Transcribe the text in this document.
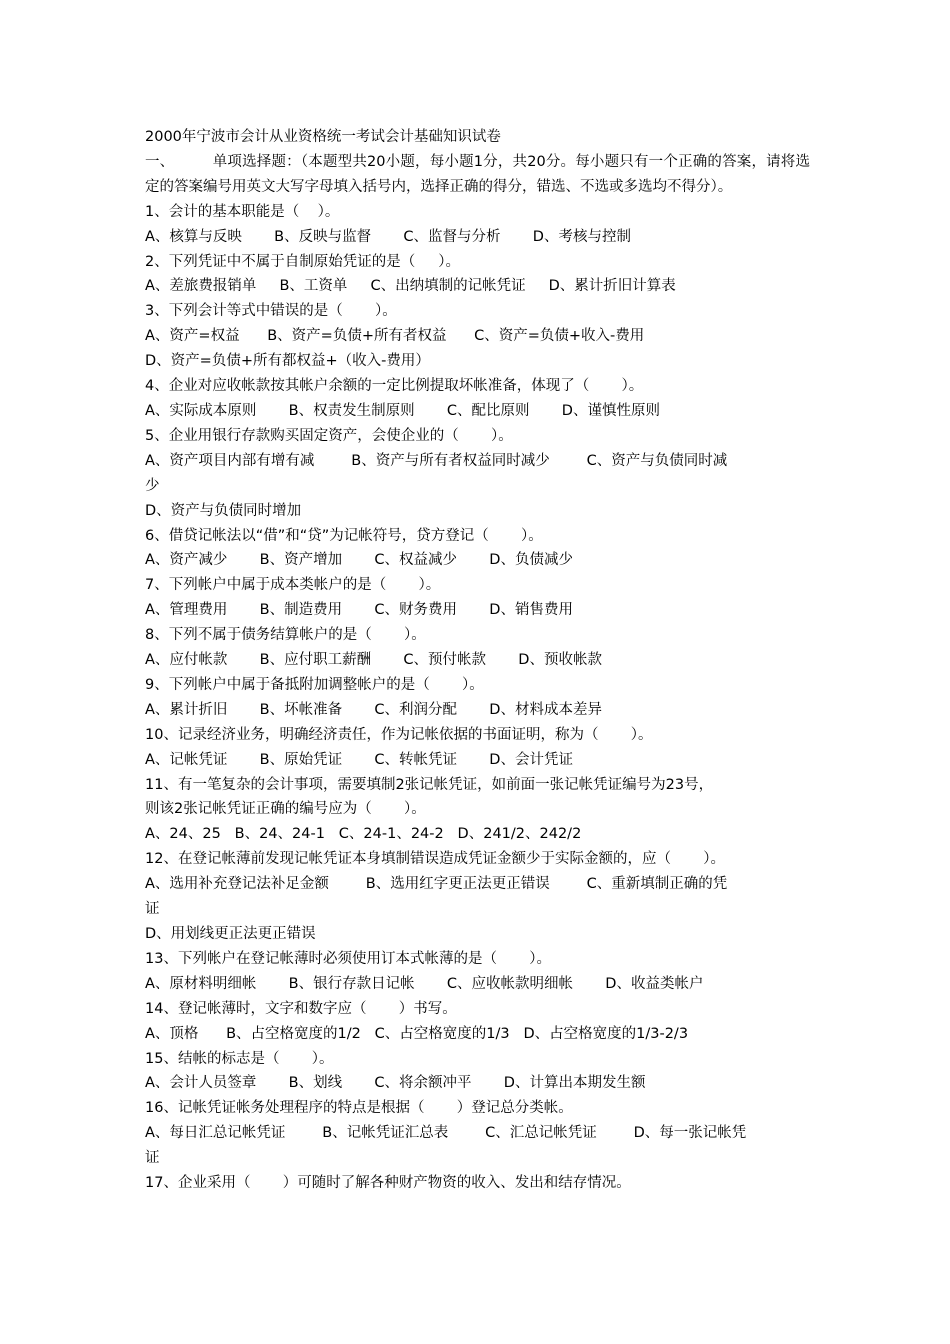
2000年宁波市会计从业资格统一考试会计基础知识试卷
一、        单项选择题：（本题型共20小题，每小题1分，共20分。每小题只有一个正确的答案，请将选定的答案编号用英文大写字母填入括号内，选择正确的得分，错选、不选或多选均不得分）。
1、会计的基本职能是（    ）。
A、核算与反映       B、反映与监督       C、监督与分析       D、考核与控制
2、下列凭证中不属于自制原始凭证的是（     ）。
A、差旅费报销单     B、工资单     C、出纳填制的记帐凭证     D、累计折旧计算表
3、下列会计等式中错误的是（       ）。
A、资产=权益      B、资产=负债+所有者权益      C、资产=负债+收入-费用
D、资产=负债+所有都权益+（收入-费用）
4、企业对应收帐款按其帐户余额的一定比例提取坏帐准备，体现了（       ）。
A、实际成本原则       B、权责发生制原则       C、配比原则       D、谨慎性原则
5、企业用银行存款购买固定资产，会使企业的（       ）。
A、资产项目内部有增有减        B、资产与所有者权益同时减少        C、资产与负债同时减
少
D、资产与负债同时增加
6、借贷记帐法以“借”和“贷”为记帐符号，贷方登记（       ）。
A、资产减少       B、资产增加       C、权益减少       D、负债减少
7、下列帐户中属于成本类帐户的是（       ）。
A、管理费用       B、制造费用       C、财务费用       D、销售费用
8、下列不属于债务结算帐户的是（       ）。
A、应付帐款       B、应付职工薪酬       C、预付帐款       D、预收帐款
9、下列帐户中属于备抵附加调整帐户的是（       ）。
A、累计折旧       B、坏帐准备       C、利润分配       D、材料成本差异
10、记录经济业务，明确经济责任，作为记帐依据的书面证明，称为（       ）。
A、记帐凭证       B、原始凭证       C、转帐凭证       D、会计凭证
11、有一笔复杂的会计事项，需要填制2张记帐凭证，如前面一张记帐凭证编号为23号，
则该2张记帐凭证正确的编号应为（       ）。
A、24、25   B、24、24-1   C、24-1、24-2   D、241/2、242/2
12、在登记帐薄前发现记帐凭证本身填制错误造成凭证金额少于实际金额的，应（       ）。
A、选用补充登记法补足金额        B、选用红字更正法更正错误        C、重新填制正确的凭
证
D、用划线更正法更正错误
13、下列帐户在登记帐薄时必须使用订本式帐薄的是（       ）。
A、原材料明细帐       B、银行存款日记帐       C、应收帐款明细帐       D、收益类帐户
14、登记帐薄时，文字和数字应（       ）书写。
A、顶格      B、占空格宽度的1/2   C、占空格宽度的1/3   D、占空格宽度的1/3-2/3
15、结帐的标志是（       ）。
A、会计人员签章       B、划线       C、将余额冲平       D、计算出本期发生额
16、记帐凭证帐务处理程序的特点是根据（       ）登记总分类帐。
A、每日汇总记帐凭证        B、记帐凭证汇总表        C、汇总记帐凭证        D、每一张记帐凭
证
17、企业采用（       ）可随时了解各种财产物资的收入、发出和结存情况。
